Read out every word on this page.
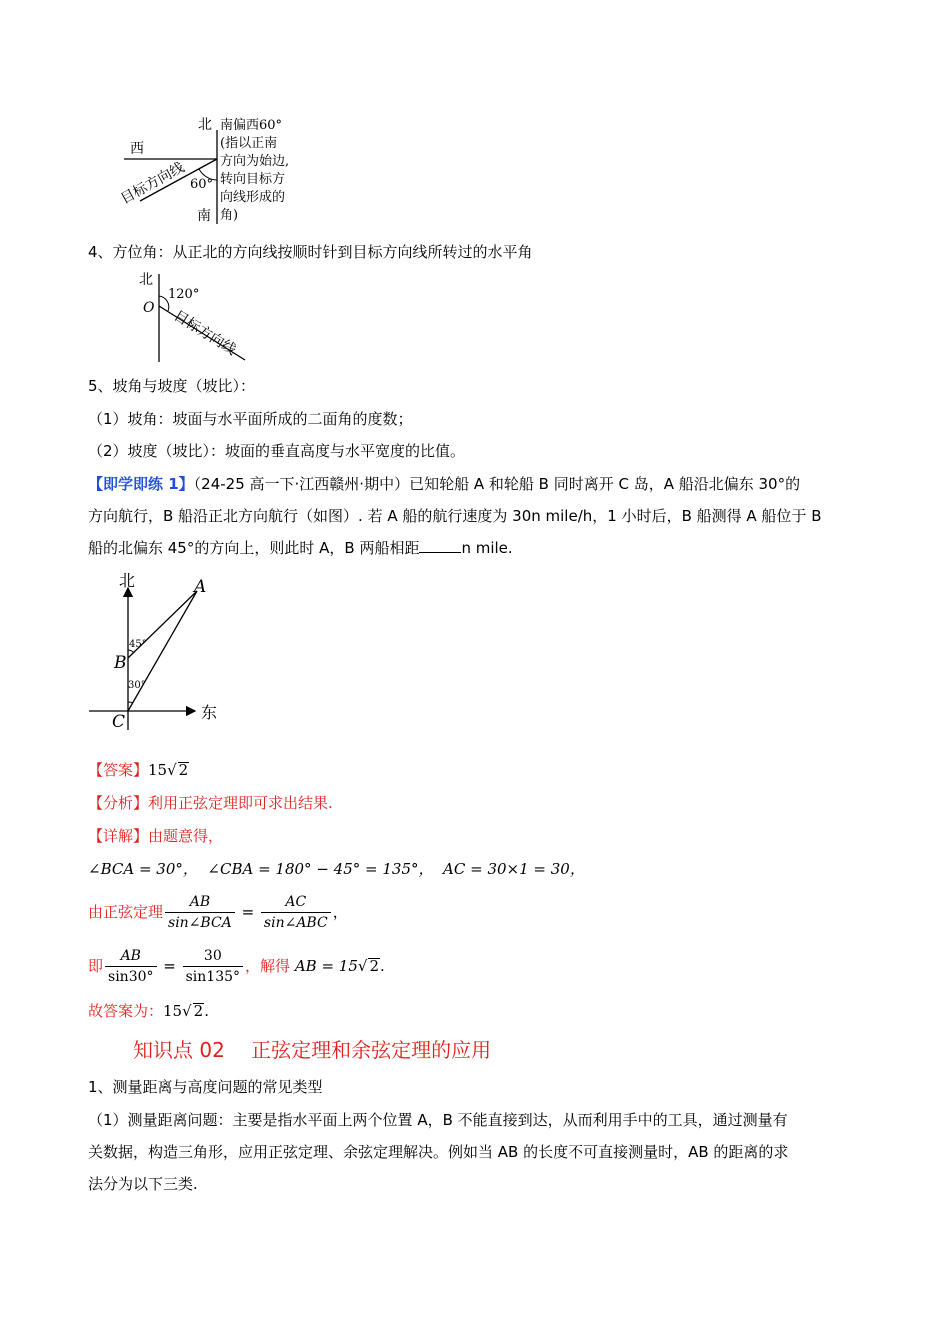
北
西
南
60°
目标方向线
南偏西60°
(指以正南
方向为始边,
转向目标方
向线形成的
角)
4、方位角：从正北的方向线按顺时针到目标方向线所转过的水平角
北
O
120°
目标方向线
5、坡角与坡度（坡比）：
（1）坡角：坡面与水平面所成的二面角的度数；
（2）坡度（坡比）：坡面的垂直高度与水平宽度的比值。
【即学即练 1】（24-25 高一下·江西赣州·期中）已知轮船 A 和轮船 B 同时离开 C 岛，A 船沿北偏东 30°的
方向航行，B 船沿正北方向航行（如图）. 若 A 船的航行速度为 30n mile/h，1 小时后，B 船测得 A 船位于 B
船的北偏东 45°的方向上，则此时 A，B 两船相距	n mile.
北
东
A
B
C
45°
30°
【答案】15√ 2
【分析】利用正弦定理即可求出结果.
【详解】由题意得，
∠BCA = 30°， ∠CBA = 180° − 45° = 135°， AC = 30×1 = 30，
由正弦定理 $\frac{AB}{\text{sin∠BCA}} = \frac{AC}{\text{sin∠ABC}}$ ，
即 $\frac{AB}{\sin 30^\circ} = \frac{30}{\sin 135^\circ}$ ，解得 AB = 15√ 2.
故答案为：15√ 2.
知识点 02　 正弦定理和余弦定理的应用
1、测量距离与高度问题的常见类型
（1）测量距离问题：主要是指水平面上两个位置 A，B 不能直接到达，从而利用手中的工具，通过测量有
关数据，构造三角形，应用正弦定理、余弦定理解决。例如当 AB 的长度不可直接测量时，AB 的距离的求
法分为以下三类.
